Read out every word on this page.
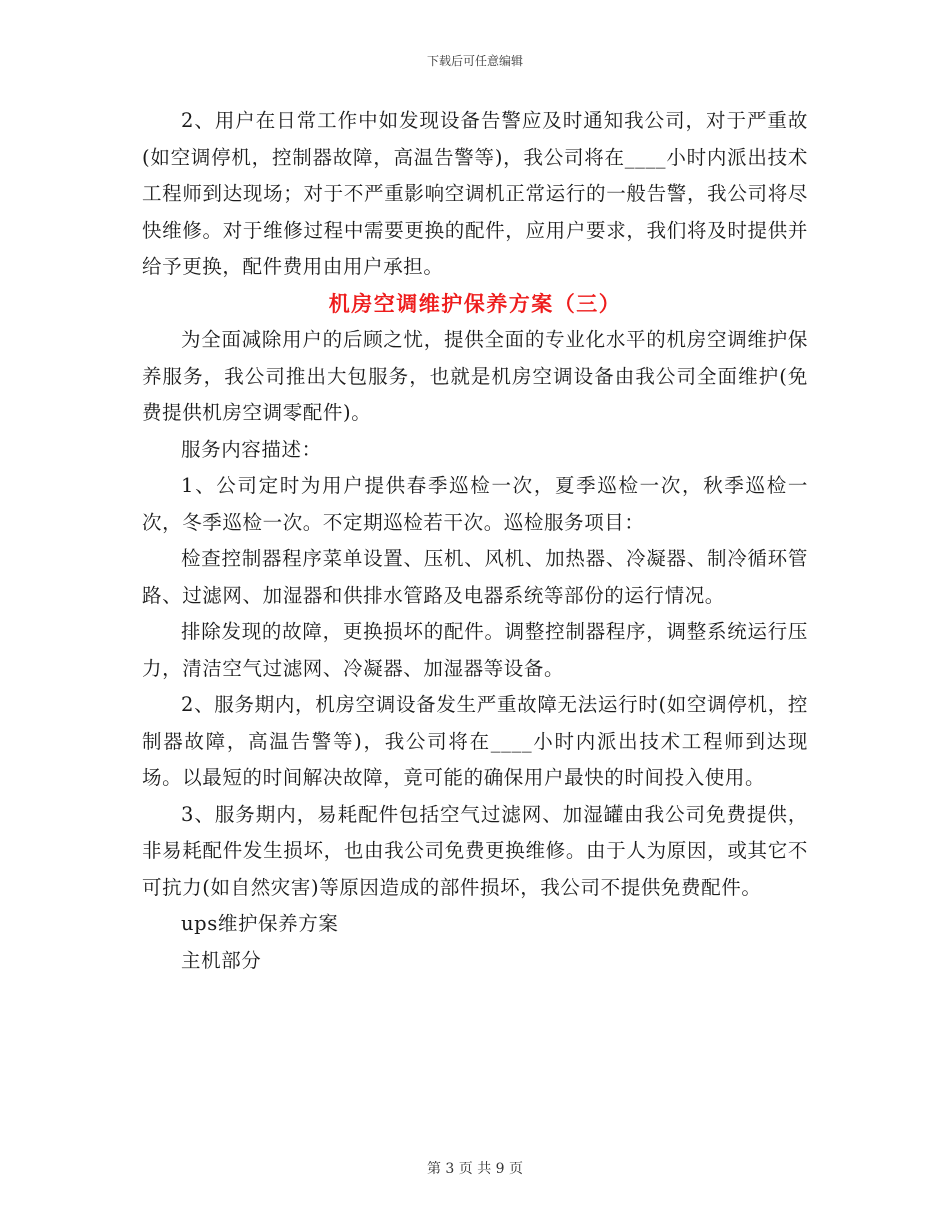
下载后可任意编辑

2、用户在日常工作中如发现设备告警应及时通知我公司，对于严重故(如空调停机，控制器故障，高温告警等)，我公司将在____小时内派出技术工程师到达现场；对于不严重影响空调机正常运行的一般告警，我公司将尽快维修。对于维修过程中需要更换的配件，应用户要求，我们将及时提供并给予更换，配件费用由用户承担。

机房空调维护保养方案（三）

为全面减除用户的后顾之忧，提供全面的专业化水平的机房空调维护保养服务，我公司推出大包服务，也就是机房空调设备由我公司全面维护(免费提供机房空调零配件)。

服务内容描述：

1、公司定时为用户提供春季巡检一次，夏季巡检一次，秋季巡检一次，冬季巡检一次。不定期巡检若干次。巡检服务项目：

检查控制器程序菜单设置、压机、风机、加热器、冷凝器、制冷循环管路、过滤网、加湿器和供排水管路及电器系统等部份的运行情况。

排除发现的故障，更换损坏的配件。调整控制器程序，调整系统运行压力，清洁空气过滤网、冷凝器、加湿器等设备。

2、服务期内，机房空调设备发生严重故障无法运行时(如空调停机，控制器故障，高温告警等)，我公司将在____小时内派出技术工程师到达现场。以最短的时间解决故障，竟可能的确保用户最快的时间投入使用。

3、服务期内，易耗配件包括空气过滤网、加湿罐由我公司免费提供，非易耗配件发生损坏，也由我公司免费更换维修。由于人为原因，或其它不可抗力(如自然灾害)等原因造成的部件损坏，我公司不提供免费配件。

ups维护保养方案

主机部分

第 3 页 共 9 页
